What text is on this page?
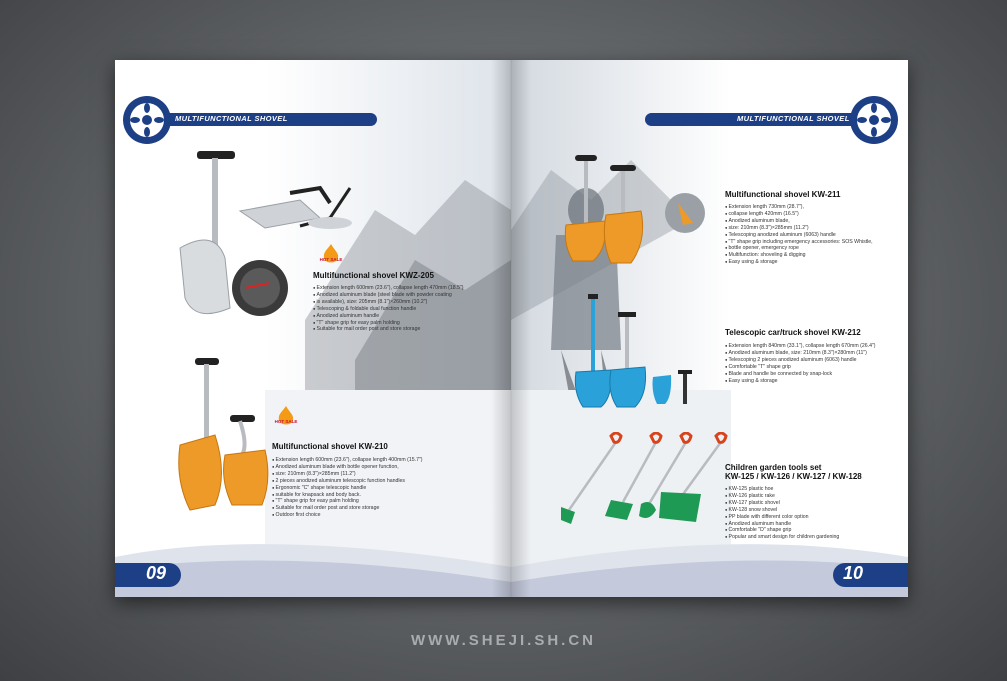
MULTIFUNCTIONAL SHOVEL
HOT SALE
Multifunctional shovel KWZ-205
● Extension length 600mm (23.6"), collapse length 470mm (18.5")
● Anodized aluminum blade (steel blade with powder coating
● is available), size: 205mm (8.1")×260mm (10.2")
● Telescoping & foldable dual function handle
● Anodized aluminum handle
● "T" shape grip for easy palm holding
● Suitable for mail order post and store storage
HOT SALE
Multifunctional shovel KW-210
● Extension length 600mm (23.6"), collapse length 400mm (15.7")
● Anodized aluminum blade with bottle opener function,
● size: 210mm (8.3")×285mm (11.2")
● 2 pieces anodized aluminum telescopic function handles
● Ergonomic "C" shape telescopic handle
● suitable for knapsack and body back.
● "T" shape grip for easy palm holding
● Suitable for mail order post and store storage
● Outdoor first choice
09
MULTIFUNCTIONAL SHOVEL
Multifunctional shovel KW-211
● Extension length 730mm (28.7"),
● collapse length 420mm (16.5")
● Anodized aluminum blade,
● size: 210mm (8.3")×285mm (11.2")
● Telescoping anodized aluminum (6063) handle
● "T" shape grip including emergency accessories: SOS Whistle,
● bottle opener, emergency rope
● Multifunction: shoveling & digging
● Easy using & storage
Telescopic car/truck shovel KW-212
● Extension length 840mm (33.1"), collapse length 670mm (26.4")
● Anodized aluminum blade, size: 210mm (8.3")×280mm (11")
● Telescoping 2 pieces anodized aluminum (6063) handle
● Comfortable "T" shape grip
● Blade and handle be connected by snap-lock
● Easy using & storage
Children garden tools set
KW-125 / KW-126 / KW-127 / KW-128
● KW-125 plastic hoe
● KW-126 plastic rake
● KW-127 plastic shovel
● KW-128 snow shovel
● PP blade with different color option
● Anodized aluminum handle
● Comfortable "D" shape grip
● Popular and smart design for children gardening
10
WWW.SHEJI.SH.CN
